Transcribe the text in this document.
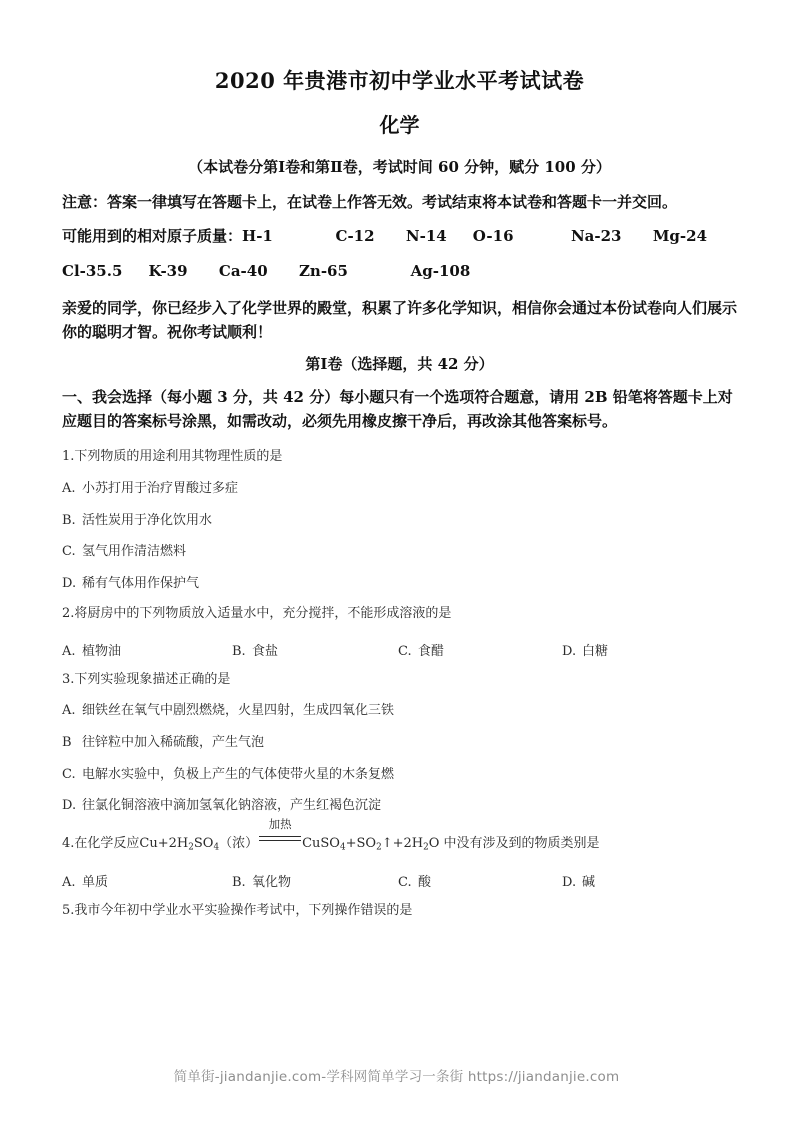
2020 年贵港市初中学业水平考试试卷
化学
（本试卷分第Ⅰ卷和第Ⅱ卷，考试时间 60 分钟，赋分 100 分）
注意：答案一律填写在答题卡上，在试卷上作答无效。考试结束将本试卷和答题卡一并交回。
可能用到的相对原子质量：H-1            C-12      N-14     O-16           Na-23      Mg-24
Cl-35.5     K-39      Ca-40      Zn-65            Ag-108
亲爱的同学，你已经步入了化学世界的殿堂，积累了许多化学知识，相信你会通过本份试卷向人们展示你的聪明才智。祝你考试顺利！
第Ⅰ卷（选择题，共 42 分）
一、我会选择（每小题 3 分，共 42 分）每小题只有一个选项符合题意，请用 2B 铅笔将答题卡上对应题目的答案标号涂黑，如需改动，必须先用橡皮擦干净后，再改涂其他答案标号。
1.下列物质的用途利用其物理性质的是
A. 小苏打用于治疗胃酸过多症
B. 活性炭用于净化饮用水
C. 氢气用作清洁燃料
D. 稀有气体用作保护气
2.将厨房中的下列物质放入适量水中，充分搅拌，不能形成溶液的是
A. 植物油	B. 食盐	C. 食醋	D. 白糖
3.下列实验现象描述正确的是
A. 细铁丝在氧气中剧烈燃烧，火星四射，生成四氧化三铁
B 往锌粒中加入稀硫酸，产生气泡
C. 电解水实验中，负极上产生的气体使带火星的木条复燃
D. 往氯化铜溶液中滴加氢氧化钠溶液，产生红褐色沉淀
4.在化学反应$Cu+2H_2SO_4$（浓）
加热
$CuSO_4+SO_2↑+2H_2O$ 中没有涉及到的物质类别是
A. 单质	B. 氧化物	C. 酸	D. 碱
5.我市今年初中学业水平实验操作考试中，下列操作错误的是
简单街-jiandanjie.com-学科网简单学习一条街 https://jiandanjie.com
